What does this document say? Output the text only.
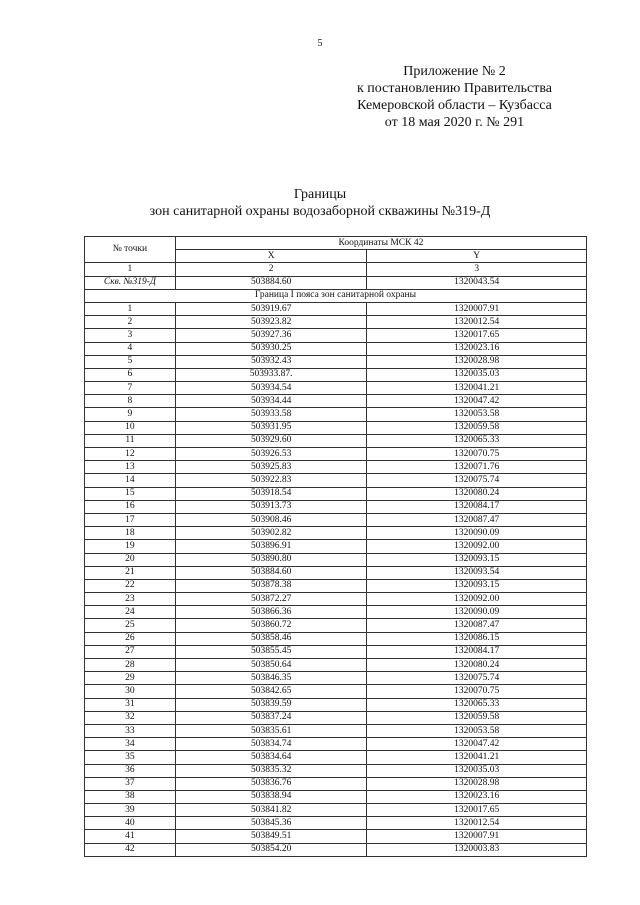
5
Приложение № 2
к постановлению Правительства
Кемеровской области – Кузбасса
от 18 мая 2020 г. № 291
Границы
зон санитарной охраны водозаборной скважины №319-Д
№ точки	Координаты МСК 42	
	X	Y
1	2	3
Скв. №319-Д	503884.60	1320043.54
Граница I пояса зон санитарной охраны		
1	503919.67	1320007.91
2	503923.82	1320012.54
3	503927.36	1320017.65
4	503930.25	1320023.16
5	503932.43	1320028.98
6	503933.87.	1320035.03
7	503934.54	1320041.21
8	503934.44	1320047.42
9	503933.58	1320053.58
10	503931.95	1320059.58
11	503929.60	1320065.33
12	503926.53	1320070.75
13	503925.83	1320071.76
14	503922.83	1320075.74
15	503918.54	1320080.24
16	503913.73	1320084.17
17	503908.46	1320087.47
18	503902.82	1320090.09
19	503896.91	1320092.00
20	503890.80	1320093.15
21	503884.60	1320093.54
22	503878.38	1320093.15
23	503872.27	1320092.00
24	503866.36	1320090.09
25	503860.72	1320087.47
26	503858.46	1320086.15
27	503855.45	1320084.17
28	503850.64	1320080.24
29	503846.35	1320075.74
30	503842.65	1320070.75
31	503839.59	1320065.33
32	503837.24	1320059.58
33	503835.61	1320053.58
34	503834.74	1320047.42
35	503834.64	1320041.21
36	503835.32	1320035.03
37	503836.76	1320028.98
38	503838.94	1320023.16
39	503841.82	1320017.65
40	503845.36	1320012.54
41	503849.51	1320007.91
42	503854.20	1320003.83
